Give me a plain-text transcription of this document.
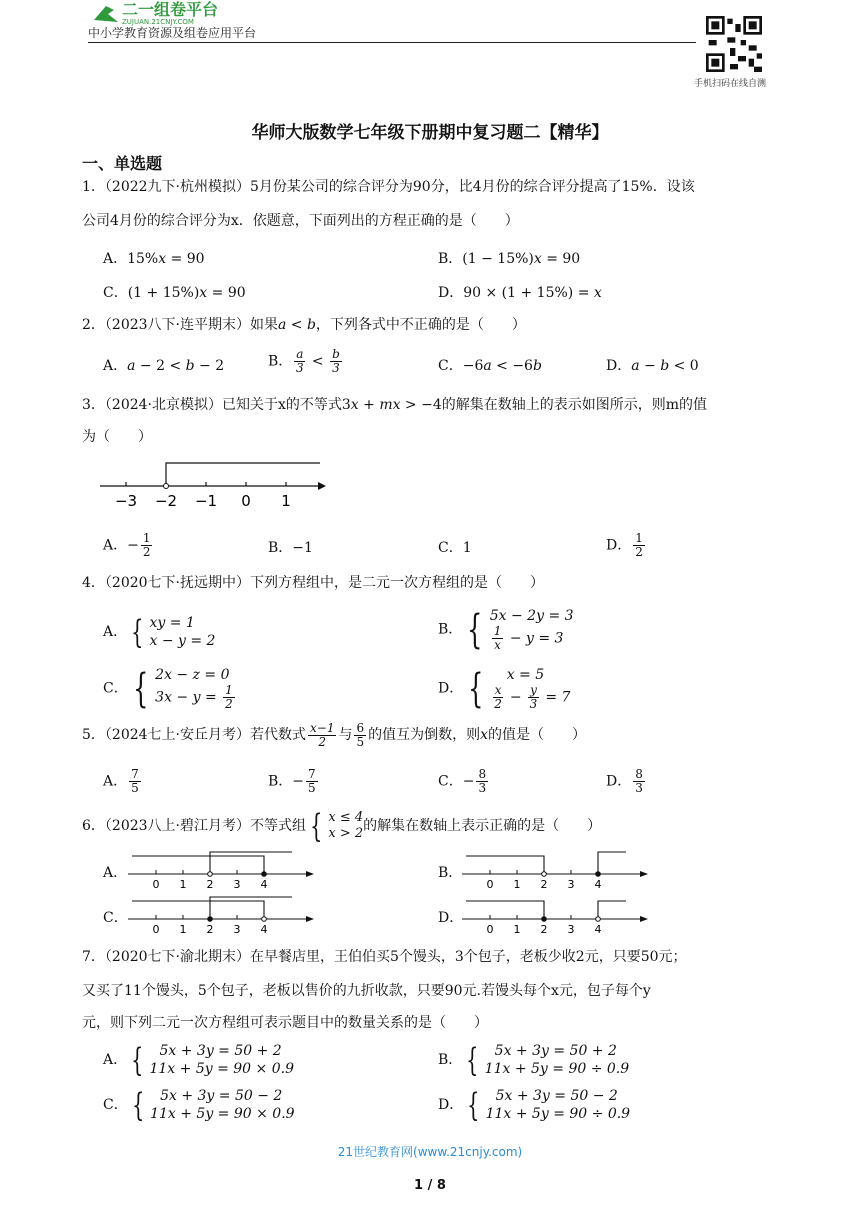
二一组卷平台
ZUJUAN.21CNJY.COM
中小学教育资源及组卷应用平台
手机扫码在线自测
华师大版数学七年级下册期中复习题二【精华】
一、单选题
1．（2022九下·杭州模拟）5月份某公司的综合评分为90分，比4月份的综合评分提高了15%．设该
公司4月份的综合评分为x．依题意，下面列出的方程正确的是（　　）
A．15%𝑥 = 90	B．(1 − 15%)𝑥 = 90
C．(1 + 15%)𝑥 = 90	D．90 × (1 + 15%) = 𝑥
2．（2023八下·连平期末）如果𝑎 < 𝑏，下列各式中不正确的是（　　）
A．𝑎 − 2 < 𝑏 − 2	B． $\frac{\text{𝑎}}{3} < \frac{\text{𝑏}}{3}$	C．−6𝑎 < −6𝑏	D．𝑎 − 𝑏 < 0
3．（2024·北京模拟）已知关于x的不等式3𝑥 + 𝑚𝑥 > −4的解集在数轴上的表示如图所示，则m的值
为（　　）
−3 −2 −1 0 1
A．− $\frac{1}{2}$	B．−1	C．1	D． $\frac{1}{2}$
4．（2020七下·抚远期中）下列方程组中，是二元一次方程组的是（　　）
A． { 𝑥𝑦 = 1
𝑥 − 𝑦 = 2
B． { 5𝑥 − 2𝑦 = 3
$\frac{1}{\text{𝑥}}$ − 𝑦 = 3
C． { 2𝑥 − 𝑧 = 0
3𝑥 − 𝑦 = $\frac{1}{2}$	D． {	𝑥 = 5
$\frac{\text{𝑥}}{2} - \frac{\text{𝑦}}{3} = 7$
5．（2024七上·安丘月考）若代数式 $\frac{\text{𝑥−1}}{2}$ 与 $\frac{6}{5}$ 的值互为倒数，则𝑥的值是（　　）
A． $\frac{7}{5}$	B．− $\frac{7}{5}$	C．− $\frac{8}{3}$	D． $\frac{8}{3}$
6．（2023八上·碧江月考）不等式组 { 𝑥 ≤ 4
𝑥 > 2 的解集在数轴上表示正确的是（　　）
A．	B．
C．	D．
0 1 2 3 4	0 1 2 3 4
0 1 2 3 4	0 1 2 3 4
7．（2020七下·渝北期末）在早餐店里，王伯伯买5个馒头，3个包子，老板少收2元，只要50元；
又买了11个馒头，5个包子，老板以售价的九折收款，只要90元.若馒头每个x元，包子每个y
元，则下列二元一次方程组可表示题目中的数量关系的是（　　）
A． {	5𝑥 + 3𝑦 = 50 + 2
11𝑥 + 5𝑦 = 90 × 0.9
B． {	5𝑥 + 3𝑦 = 50 + 2
11𝑥 + 5𝑦 = 90 ÷ 0.9
C． {	5𝑥 + 3𝑦 = 50 − 2
11𝑥 + 5𝑦 = 90 × 0.9
D． {	5𝑥 + 3𝑦 = 50 − 2
11𝑥 + 5𝑦 = 90 ÷ 0.9
21世纪教育网(www.21cnjy.com)
1 / 8
